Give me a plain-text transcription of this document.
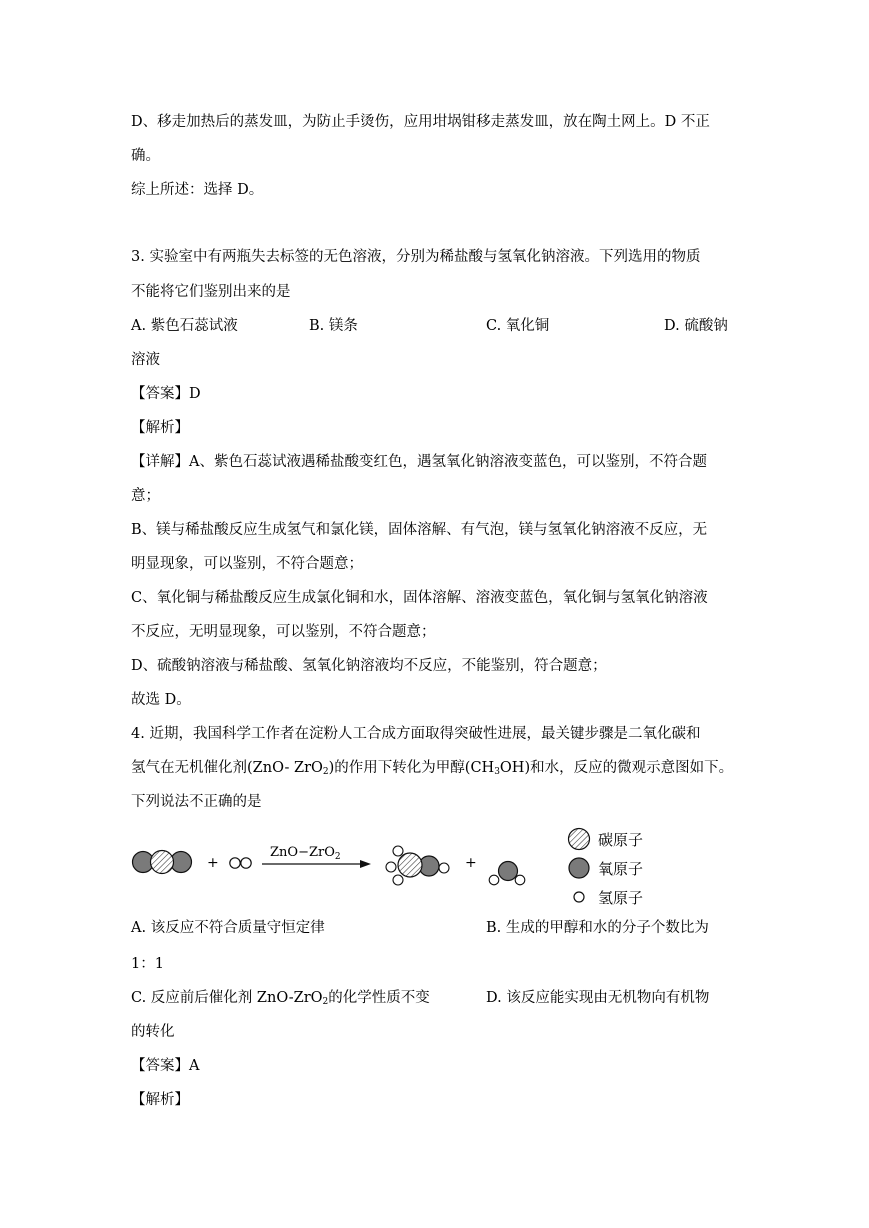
D、移走加热后的蒸发皿，为防止手烫伤，应用坩埚钳移走蒸发皿，放在陶土网上。D 不正
确。
综上所述：选择 D。
3. 实验室中有两瓶失去标签的无色溶液，分别为稀盐酸与氢氧化钠溶液。下列选用的物质
不能将它们鉴别出来的是
A. 紫色石蕊试液	B. 镁条	C. 氧化铜	D. 硫酸钠
溶液
【答案】D
【解析】
【详解】A、紫色石蕊试液遇稀盐酸变红色，遇氢氧化钠溶液变蓝色，可以鉴别，不符合题
意；
B、镁与稀盐酸反应生成氢气和氯化镁，固体溶解、有气泡，镁与氢氧化钠溶液不反应，无
明显现象，可以鉴别，不符合题意；
C、氧化铜与稀盐酸反应生成氯化铜和水，固体溶解、溶液变蓝色，氧化铜与氢氧化钠溶液
不反应，无明显现象，可以鉴别，不符合题意；
D、硫酸钠溶液与稀盐酸、氢氧化钠溶液均不反应，不能鉴别，符合题意；
故选 D。
4. 近期，我国科学工作者在淀粉人工合成方面取得突破性进展，最关键步骤是二氧化碳和
氢气在无机催化剂(ZnO- ZrO$_2$)的作用下转化为甲醇$(CH_3OH)$和水，反应的微观示意图如下。
下列说法不正确的是
+
ZnO−ZrO$_2$	+
碳原子
氧原子
氢原子
A. 该反应不符合质量守恒定律	B. 生成的甲醇和水的分子个数比为
1：1
C. 反应前后催化剂 ZnO-ZrO$_2$的化学性质不变	D. 该反应能实现由无机物向有机物
的转化
【答案】A
【解析】
